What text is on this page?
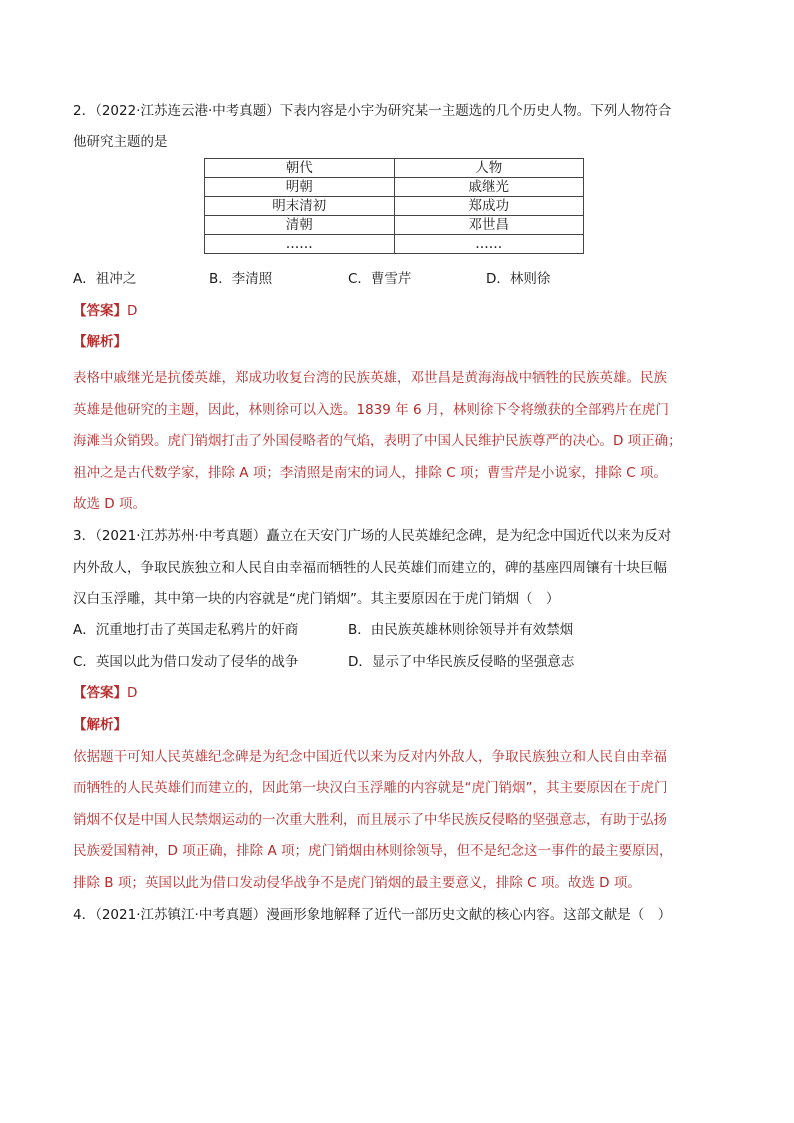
2．（2022·江苏连云港·中考真题）下表内容是小宇为研究某一主题选的几个历史人物。下列人物符合
他研究主题的是
朝代	人物
明朝	戚继光
明末清初	郑成功
清朝	邓世昌
……	……
A．祖冲之	B．李清照	C．曹雪芹	D．林则徐
【答案】D
【解析】
表格中戚继光是抗倭英雄，郑成功收复台湾的民族英雄，邓世昌是黄海海战中牺牲的民族英雄。民族
英雄是他研究的主题，因此，林则徐可以入选。1839 年 6 月，林则徐下令将缴获的全部鸦片在虎门
海滩当众销毁。虎门销烟打击了外国侵略者的气焰，表明了中国人民维护民族尊严的决心。D 项正确；
祖冲之是古代数学家，排除 A 项；李清照是南宋的词人，排除 C 项；曹雪芹是小说家，排除 C 项。
故选 D 项。
3．（2021·江苏苏州·中考真题）矗立在天安门广场的人民英雄纪念碑，是为纪念中国近代以来为反对
内外敌人，争取民族独立和人民自由幸福而牺牲的人民英雄们而建立的，碑的基座四周镶有十块巨幅
汉白玉浮雕，其中第一块的内容就是“虎门销烟”。其主要原因在于虎门销烟（　）
A．沉重地打击了英国走私鸦片的奸商	B．由民族英雄林则徐领导并有效禁烟
C．英国以此为借口发动了侵华的战争	D．显示了中华民族反侵略的坚强意志
【答案】D
【解析】
依据题干可知人民英雄纪念碑是为纪念中国近代以来为反对内外敌人，争取民族独立和人民自由幸福
而牺牲的人民英雄们而建立的，因此第一块汉白玉浮雕的内容就是“虎门销烟”，其主要原因在于虎门
销烟不仅是中国人民禁烟运动的一次重大胜利，而且展示了中华民族反侵略的坚强意志，有助于弘扬
民族爱国精神，D 项正确，排除 A 项；虎门销烟由林则徐领导，但不是纪念这一事件的最主要原因，
排除 B 项；英国以此为借口发动侵华战争不是虎门销烟的最主要意义，排除 C 项。故选 D 项。
4．（2021·江苏镇江·中考真题）漫画形象地解释了近代一部历史文献的核心内容。这部文献是（　）
